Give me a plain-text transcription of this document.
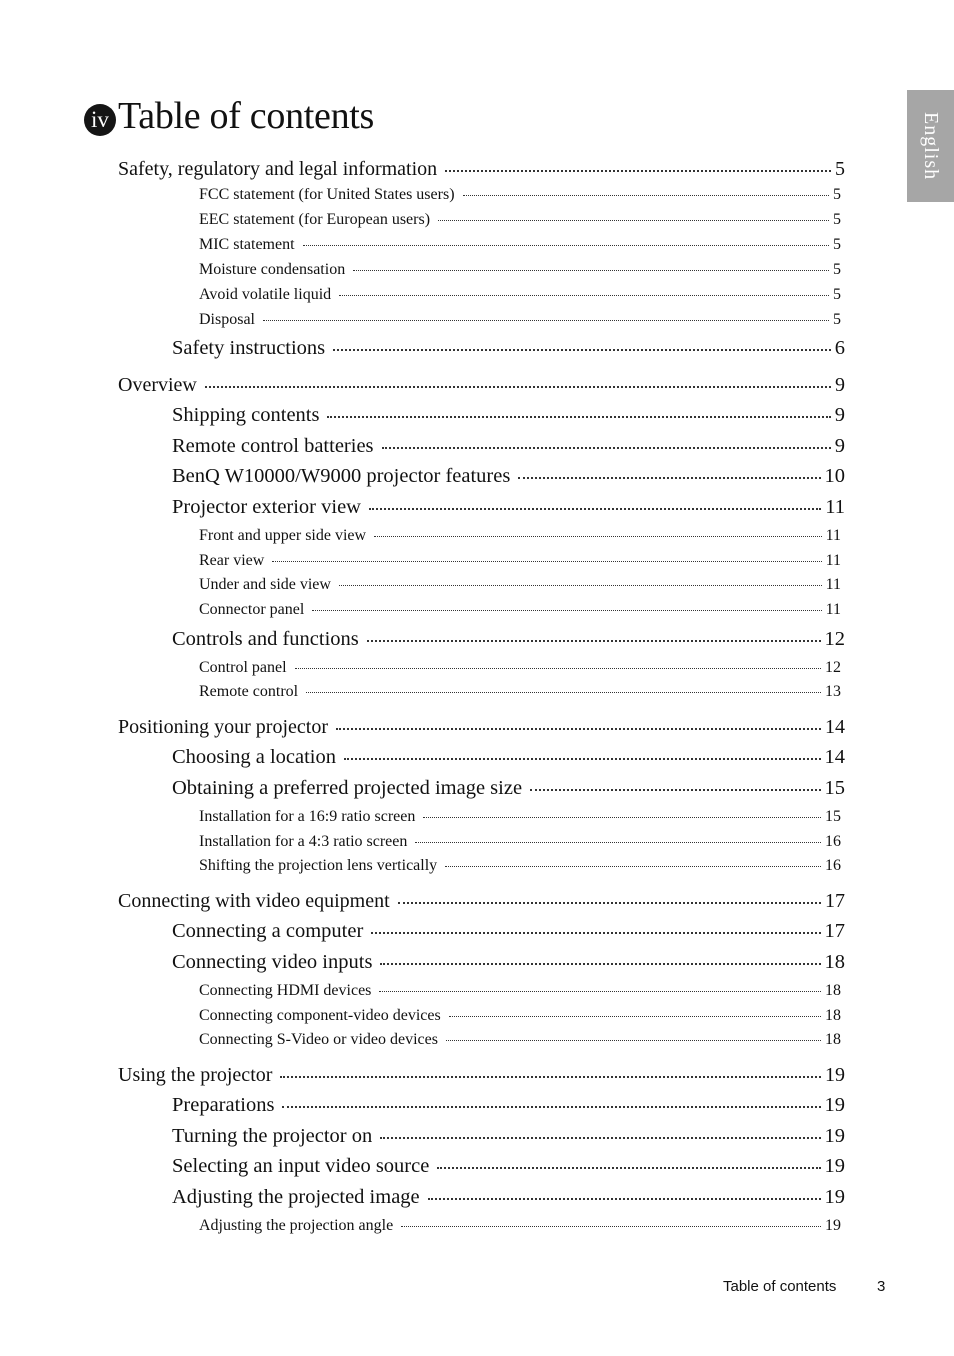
iv Table of contents	English
Safety, regulatory and legal information	5
FCC statement (for United States users)	5
EEC statement (for European users)	5
MIC statement	5
Moisture condensation	5
Avoid volatile liquid	5
Disposal	5
Safety instructions	6
Overview	9
Shipping contents	9
Remote control batteries	9
BenQ W10000/W9000 projector features	10
Projector exterior view	11
Front and upper side view	11
Rear view	11
Under and side view	11
Connector panel	11
Controls and functions	12
Control panel	12
Remote control	13
Positioning your projector	14
Choosing a location	14
Obtaining a preferred projected image size	15
Installation for a 16:9 ratio screen	15
Installation for a 4:3 ratio screen	16
Shifting the projection lens vertically	16
Connecting with video equipment	17
Connecting a computer	17
Connecting video inputs	18
Connecting HDMI devices	18
Connecting component-video devices	18
Connecting S-Video or video devices	18
Using the projector	19
Preparations	19
Turning the projector on	19
Selecting an input video source	19
Adjusting the projected image	19
Adjusting the projection angle	19
Table of contents	3
